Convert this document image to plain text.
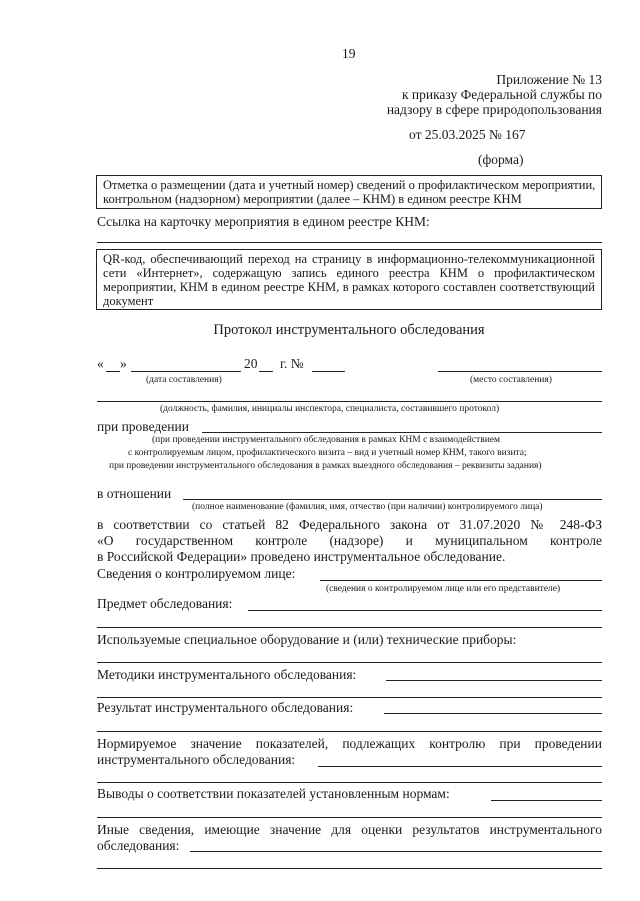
19
Приложение № 13
к приказу Федеральной службы по
надзору в сфере природопользования
от 25.03.2025 № 167
(форма)
Отметка о размещении (дата и учетный номер) сведений о профилактическом мероприятии,
контрольном (надзорном) мероприятии (далее – КНМ) в едином реестре КНМ
Ссылка на карточку мероприятия в едином реестре КНМ:
QR-код, обеспечивающий переход на страницу в информационно-телекоммуникационной
сети «Интернет», содержащую запись единого реестра КНМ о профилактическом
мероприятии, КНМ в едином реестре КНМ, в рамках которого составлен соответствующий
документ
Протокол инструментального обследования
« »	20 г. №
(дата составления)	(место составления)
(должность, фамилия, инициалы инспектора, специалиста, составившего протокол)
при проведении
(при проведении инструментального обследования в рамках КНМ с взаимодействием
с контролируемым лицом, профилактического визита – вид и учетный номер КНМ, такого визита;
при проведении инструментального обследования в рамках выездного обследования – реквизиты задания)
в отношении
(полное наименование (фамилия, имя, отчество (при наличии) контролируемого лица)
в соответствии со статьей 82 Федерального закона от 31.07.2020 № 248-ФЗ
«О государственном контроле (надзоре) и муниципальном контроле
в Российской Федерации» проведено инструментальное обследование.
Сведения о контролируемом лице:
(сведения о контролируемом лице или его представителе)
Предмет обследования:
Используемые специальное оборудование и (или) технические приборы:
Методики инструментального обследования:
Результат инструментального обследования:
Нормируемое значение показателей, подлежащих контролю при проведении
инструментального обследования:
Выводы о соответствии показателей установленным нормам:
Иные сведения, имеющие значение для оценки результатов инструментального
обследования:
